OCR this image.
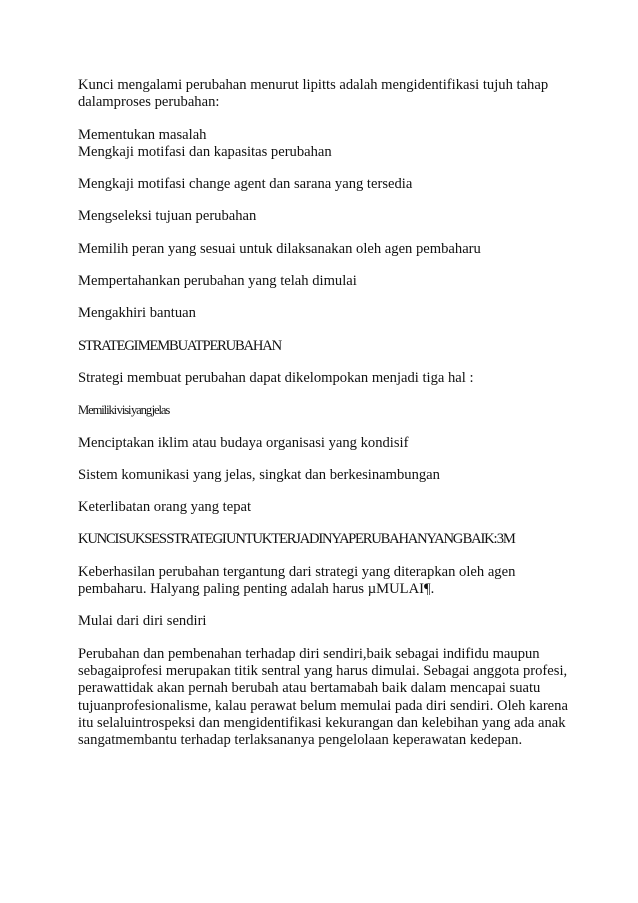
Kunci mengalami perubahan menurut lipitts adalah mengidentifikasi tujuh tahap dalamproses perubahan:

Mementukan masalah

Mengkaji motifasi dan kapasitas perubahan

Mengkaji motifasi change agent dan sarana yang tersedia

Mengseleksi tujuan perubahan

Memilih peran yang sesuai untuk dilaksanakan oleh agen pembaharu

Mempertahankan perubahan yang telah dimulai

Mengakhiri bantuan

STRATEGI MEMBUAT PERUBAHAN

Strategi membuat perubahan dapat dikelompokan menjadi tiga hal :

Memiliki visi yang jelas

Menciptakan iklim atau budaya organisasi yang kondisif

Sistem komunikasi yang jelas, singkat dan berkesinambungan

Keterlibatan orang yang tepat

KUNCI SUKSES STRATEGI UNTUK TERJADINYA PERUBAHAN YANG BAIK: 3M

Keberhasilan perubahan tergantung dari strategi yang diterapkan oleh agen pembaharu. Halyang paling penting adalah harus µMULAI¶.

Mulai dari diri sendiri

Perubahan dan pembenahan terhadap diri sendiri,baik sebagai indifidu maupun sebagaiprofesi merupakan titik sentral yang harus dimulai. Sebagai anggota profesi, perawattidak akan pernah berubah atau bertamabah baik dalam mencapai suatu tujuanprofesionalisme, kalau perawat belum memulai pada diri sendiri. Oleh karena itu selaluintrospeksi dan mengidentifikasi kekurangan dan kelebihan yang ada anak sangatmembantu terhadap terlaksananya pengelolaan keperawatan kedepan.
